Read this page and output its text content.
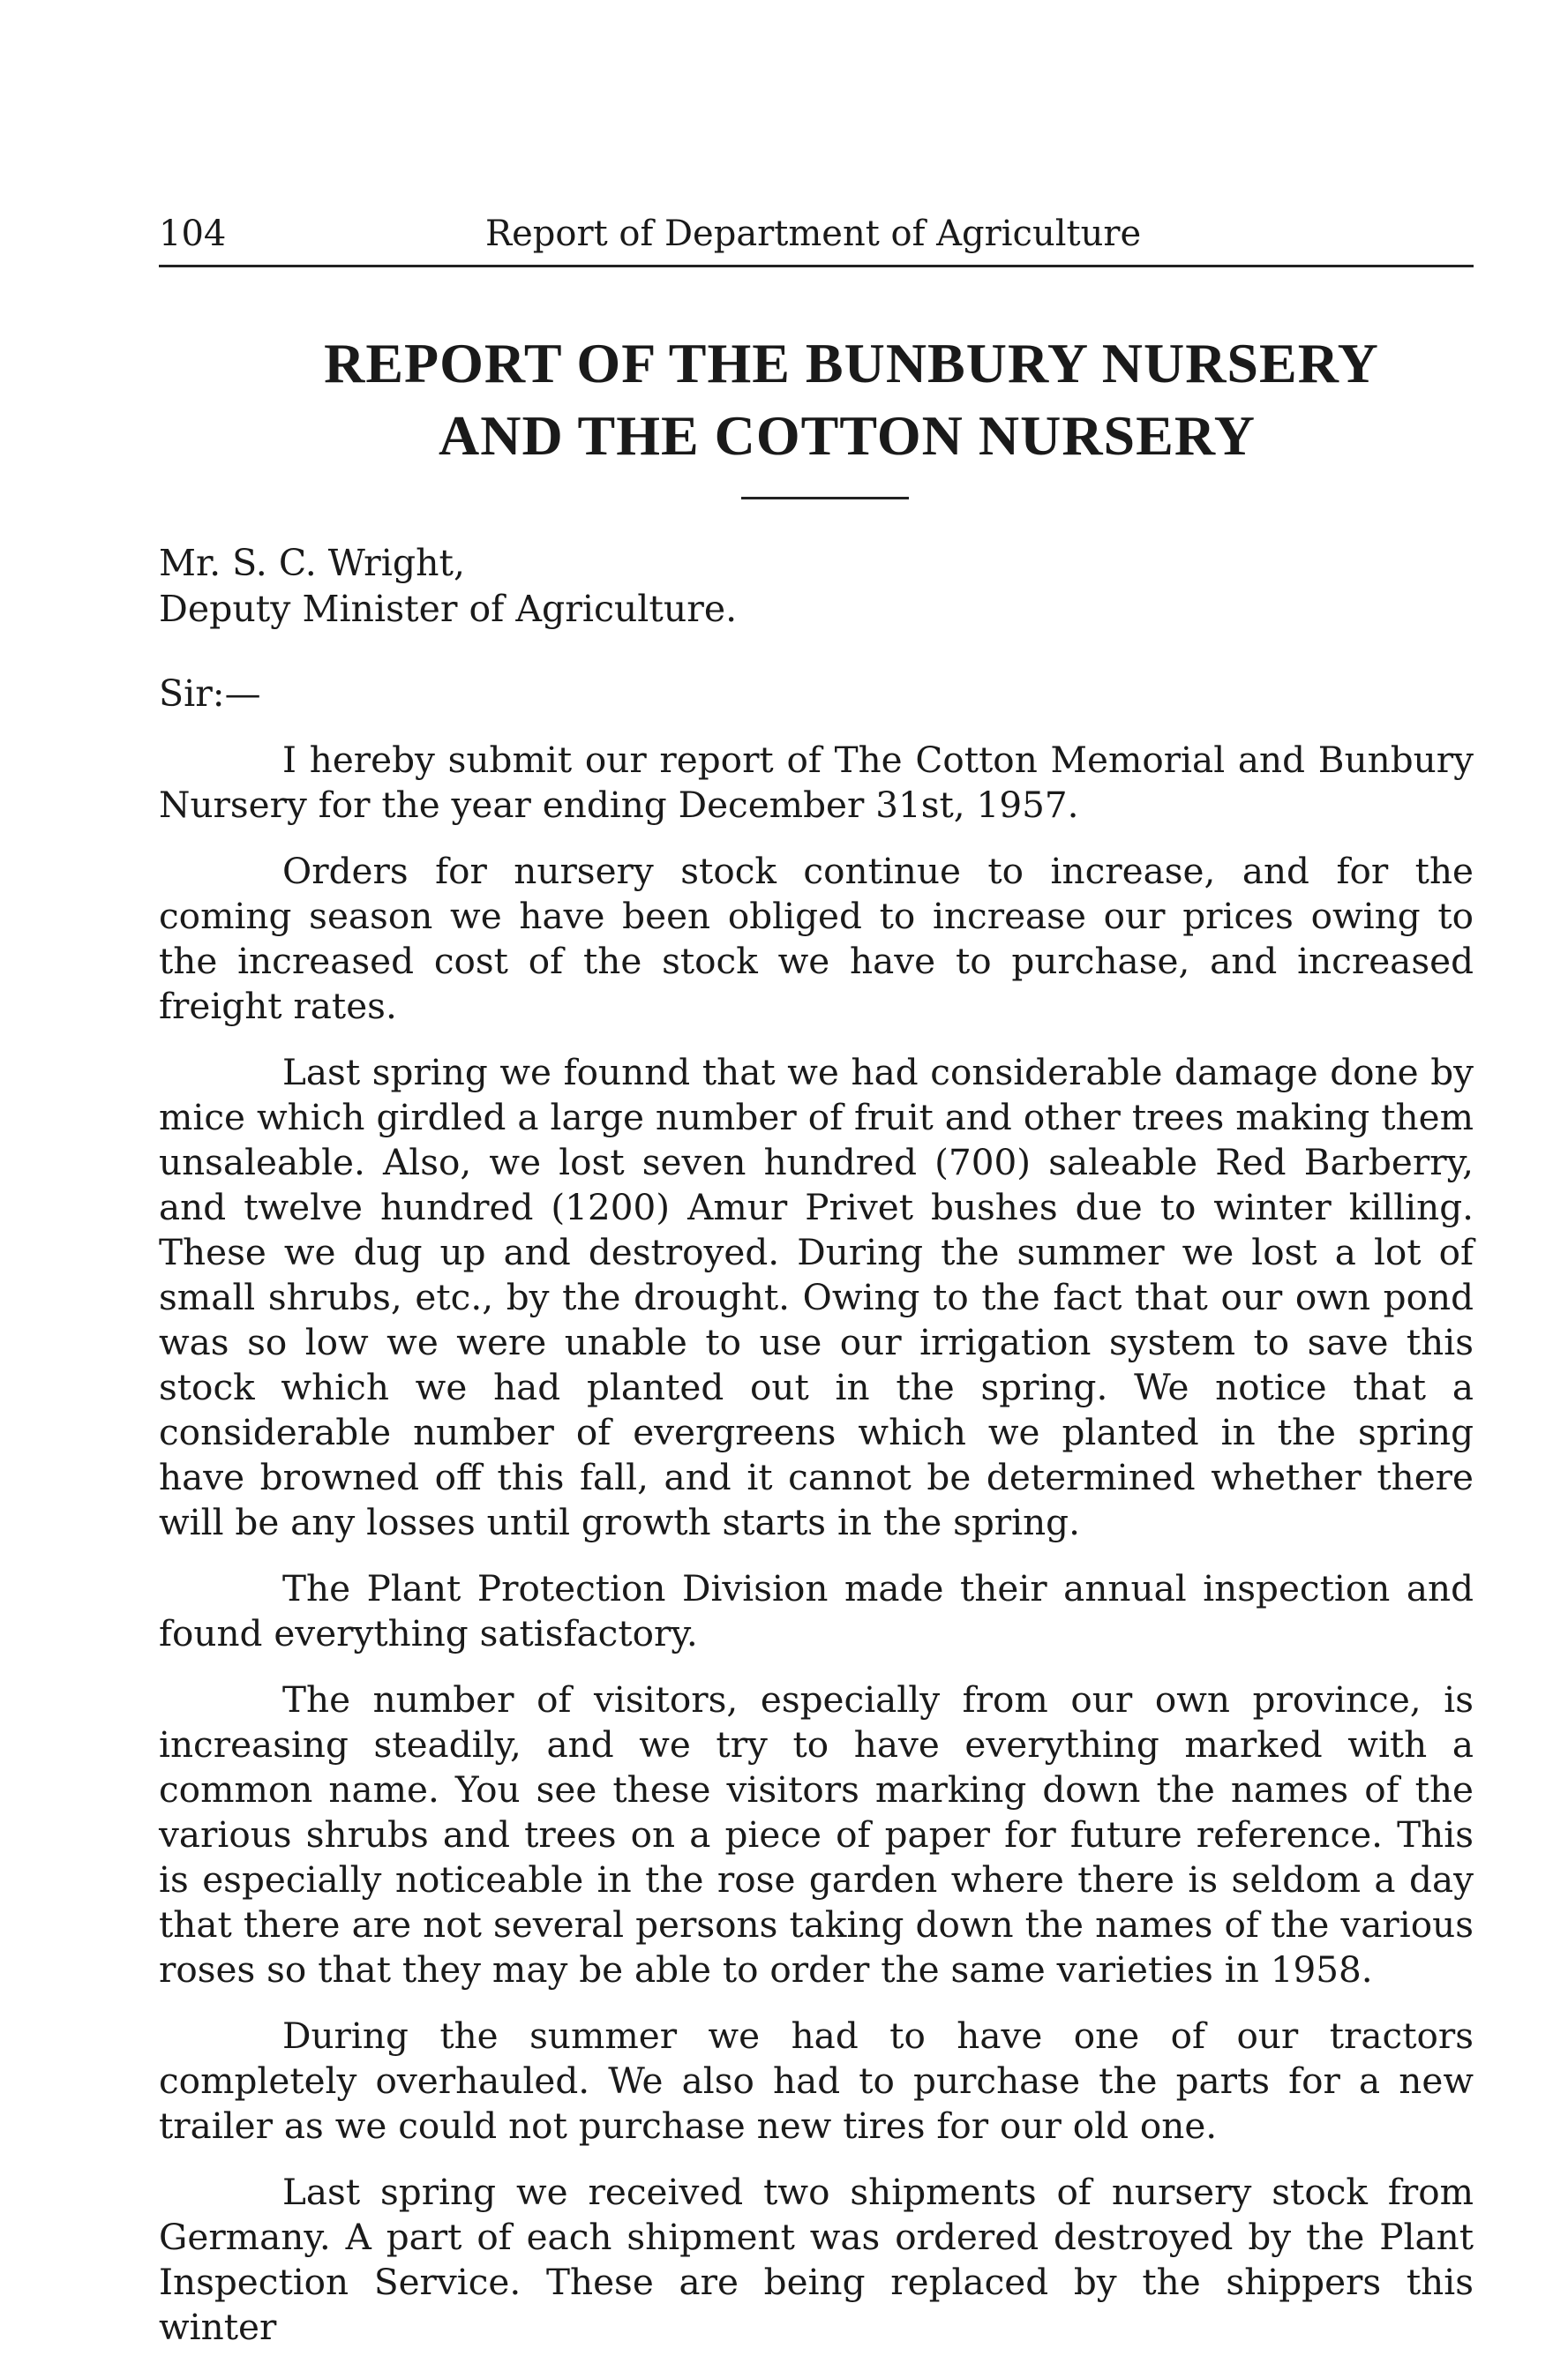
104	Report of Department of Agriculture
REPORT OF THE BUNBURY NURSERY
AND THE COTTON NURSERY
Mr. S. C. Wright,
Deputy Minister of Agriculture.
Sir:—

I hereby submit our report of The Cotton Memorial and Bunbury Nursery for the year ending December 31st, 1957.

Orders for nursery stock continue to increase, and for the coming season we have been obliged to increase our prices owing to the increased cost of the stock we have to purchase, and increased freight rates.

Last spring we founnd that we had considerable damage done by mice which girdled a large number of fruit and other trees making them unsaleable. Also, we lost seven hundred (700) saleable Red Barberry, and twelve hundred (1200) Amur Privet bushes due to winter killing. These we dug up and destroyed. During the summer we lost a lot of small shrubs, etc., by the drought. Owing to the fact that our own pond was so low we were unable to use our irrigation system to save this stock which we had planted out in the spring. We notice that a considerable number of evergreens which we planted in the spring have browned off this fall, and it cannot be determined whether there will be any losses until growth starts in the spring.

The Plant Protection Division made their annual inspection and found everything satisfactory.

The number of visitors, especially from our own province, is increasing steadily, and we try to have everything marked with a common name. You see these visitors marking down the names of the various shrubs and trees on a piece of paper for future reference. This is especially noticeable in the rose garden where there is seldom a day that there are not several persons taking down the names of the various roses so that they may be able to order the same varieties in 1958.

During the summer we had to have one of our tractors completely overhauled. We also had to purchase the parts for a new trailer as we could not purchase new tires for our old one.

Last spring we received two shipments of nursery stock from Germany. A part of each shipment was ordered destroyed by the Plant Inspection Service. These are being replaced by the shippers this winter
